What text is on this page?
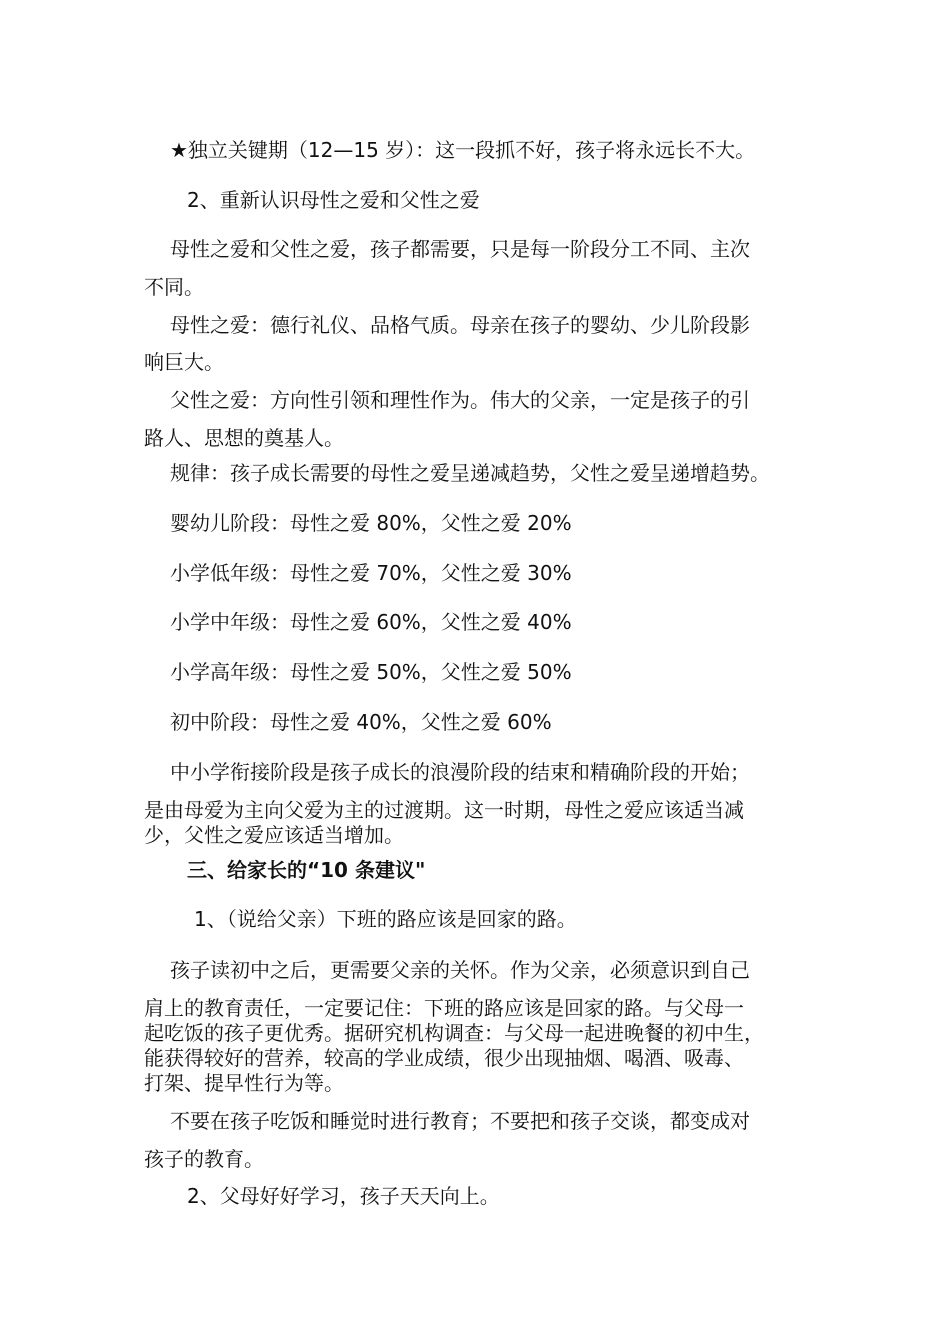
★独立关键期（12—15 岁）：这一段抓不好，孩子将永远长不大。
2、重新认识母性之爱和父性之爱
母性之爱和父性之爱，孩子都需要，只是每一阶段分工不同、主次
不同。
母性之爱：德行礼仪、品格气质。母亲在孩子的婴幼、少儿阶段影
响巨大。
父性之爱：方向性引领和理性作为。伟大的父亲，一定是孩子的引
路人、思想的奠基人。
规律：孩子成长需要的母性之爱呈递减趋势，父性之爱呈递增趋势。
婴幼儿阶段：母性之爱 80%，父性之爱 20%
小学低年级：母性之爱 70%，父性之爱 30%
小学中年级：母性之爱 60%，父性之爱 40%
小学高年级：母性之爱 50%，父性之爱 50%
初中阶段：母性之爱 40%，父性之爱 60%
中小学衔接阶段是孩子成长的浪漫阶段的结束和精确阶段的开始；
是由母爱为主向父爱为主的过渡期。这一时期，母性之爱应该适当减
少，父性之爱应该适当增加。
三、给家长的“10 条建议"
1、（说给父亲）下班的路应该是回家的路。
孩子读初中之后，更需要父亲的关怀。作为父亲，必须意识到自己
肩上的教育责任，一定要记住：下班的路应该是回家的路。与父母一
起吃饭的孩子更优秀。据研究机构调查：与父母一起进晚餐的初中生，
能获得较好的营养，较高的学业成绩，很少出现抽烟、喝酒、吸毒、
打架、提早性行为等。
不要在孩子吃饭和睡觉时进行教育；不要把和孩子交谈，都变成对
孩子的教育。
2、父母好好学习，孩子天天向上。
